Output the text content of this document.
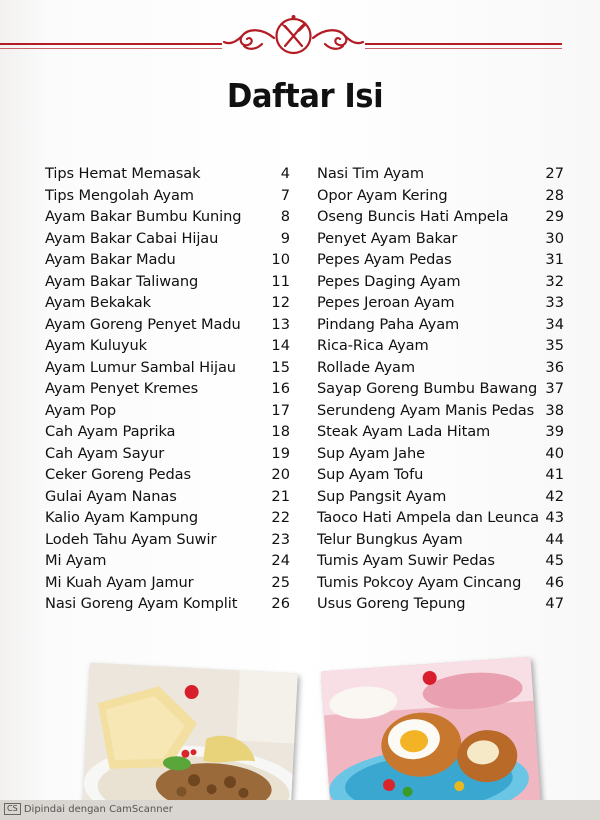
Daftar Isi
Tips Hemat Memasak	4
Tips Mengolah Ayam	7
Ayam Bakar Bumbu Kuning	8
Ayam Bakar Cabai Hijau	9
Ayam Bakar Madu	10
Ayam Bakar Taliwang	11
Ayam Bekakak	12
Ayam Goreng Penyet Madu	13
Ayam Kuluyuk	14
Ayam Lumur Sambal Hijau	15
Ayam Penyet Kremes	16
Ayam Pop	17
Cah Ayam Paprika	18
Cah Ayam Sayur	19
Ceker Goreng Pedas	20
Gulai Ayam Nanas	21
Kalio Ayam Kampung	22
Lodeh Tahu Ayam Suwir	23
Mi Ayam	24
Mi Kuah Ayam Jamur	25
Nasi Goreng Ayam Komplit	26
Nasi Tim Ayam	27
Opor Ayam Kering	28
Oseng Buncis Hati Ampela	29
Penyet Ayam Bakar	30
Pepes Ayam Pedas	31
Pepes Daging Ayam	32
Pepes Jeroan Ayam	33
Pindang Paha Ayam	34
Rica-Rica Ayam	35
Rollade Ayam	36
Sayap Goreng Bumbu Bawang 37
Serundeng Ayam Manis Pedas 38
Steak Ayam Lada Hitam	39
Sup Ayam Jahe	40
Sup Ayam Tofu	41
Sup Pangsit Ayam	42
Taoco Hati Ampela dan Leunca 43
Telur Bungkus Ayam	44
Tumis Ayam Suwir Pedas	45
Tumis Pokcoy Ayam Cincang	46
Usus Goreng Tepung	47
CS Dipindai dengan CamScanner
